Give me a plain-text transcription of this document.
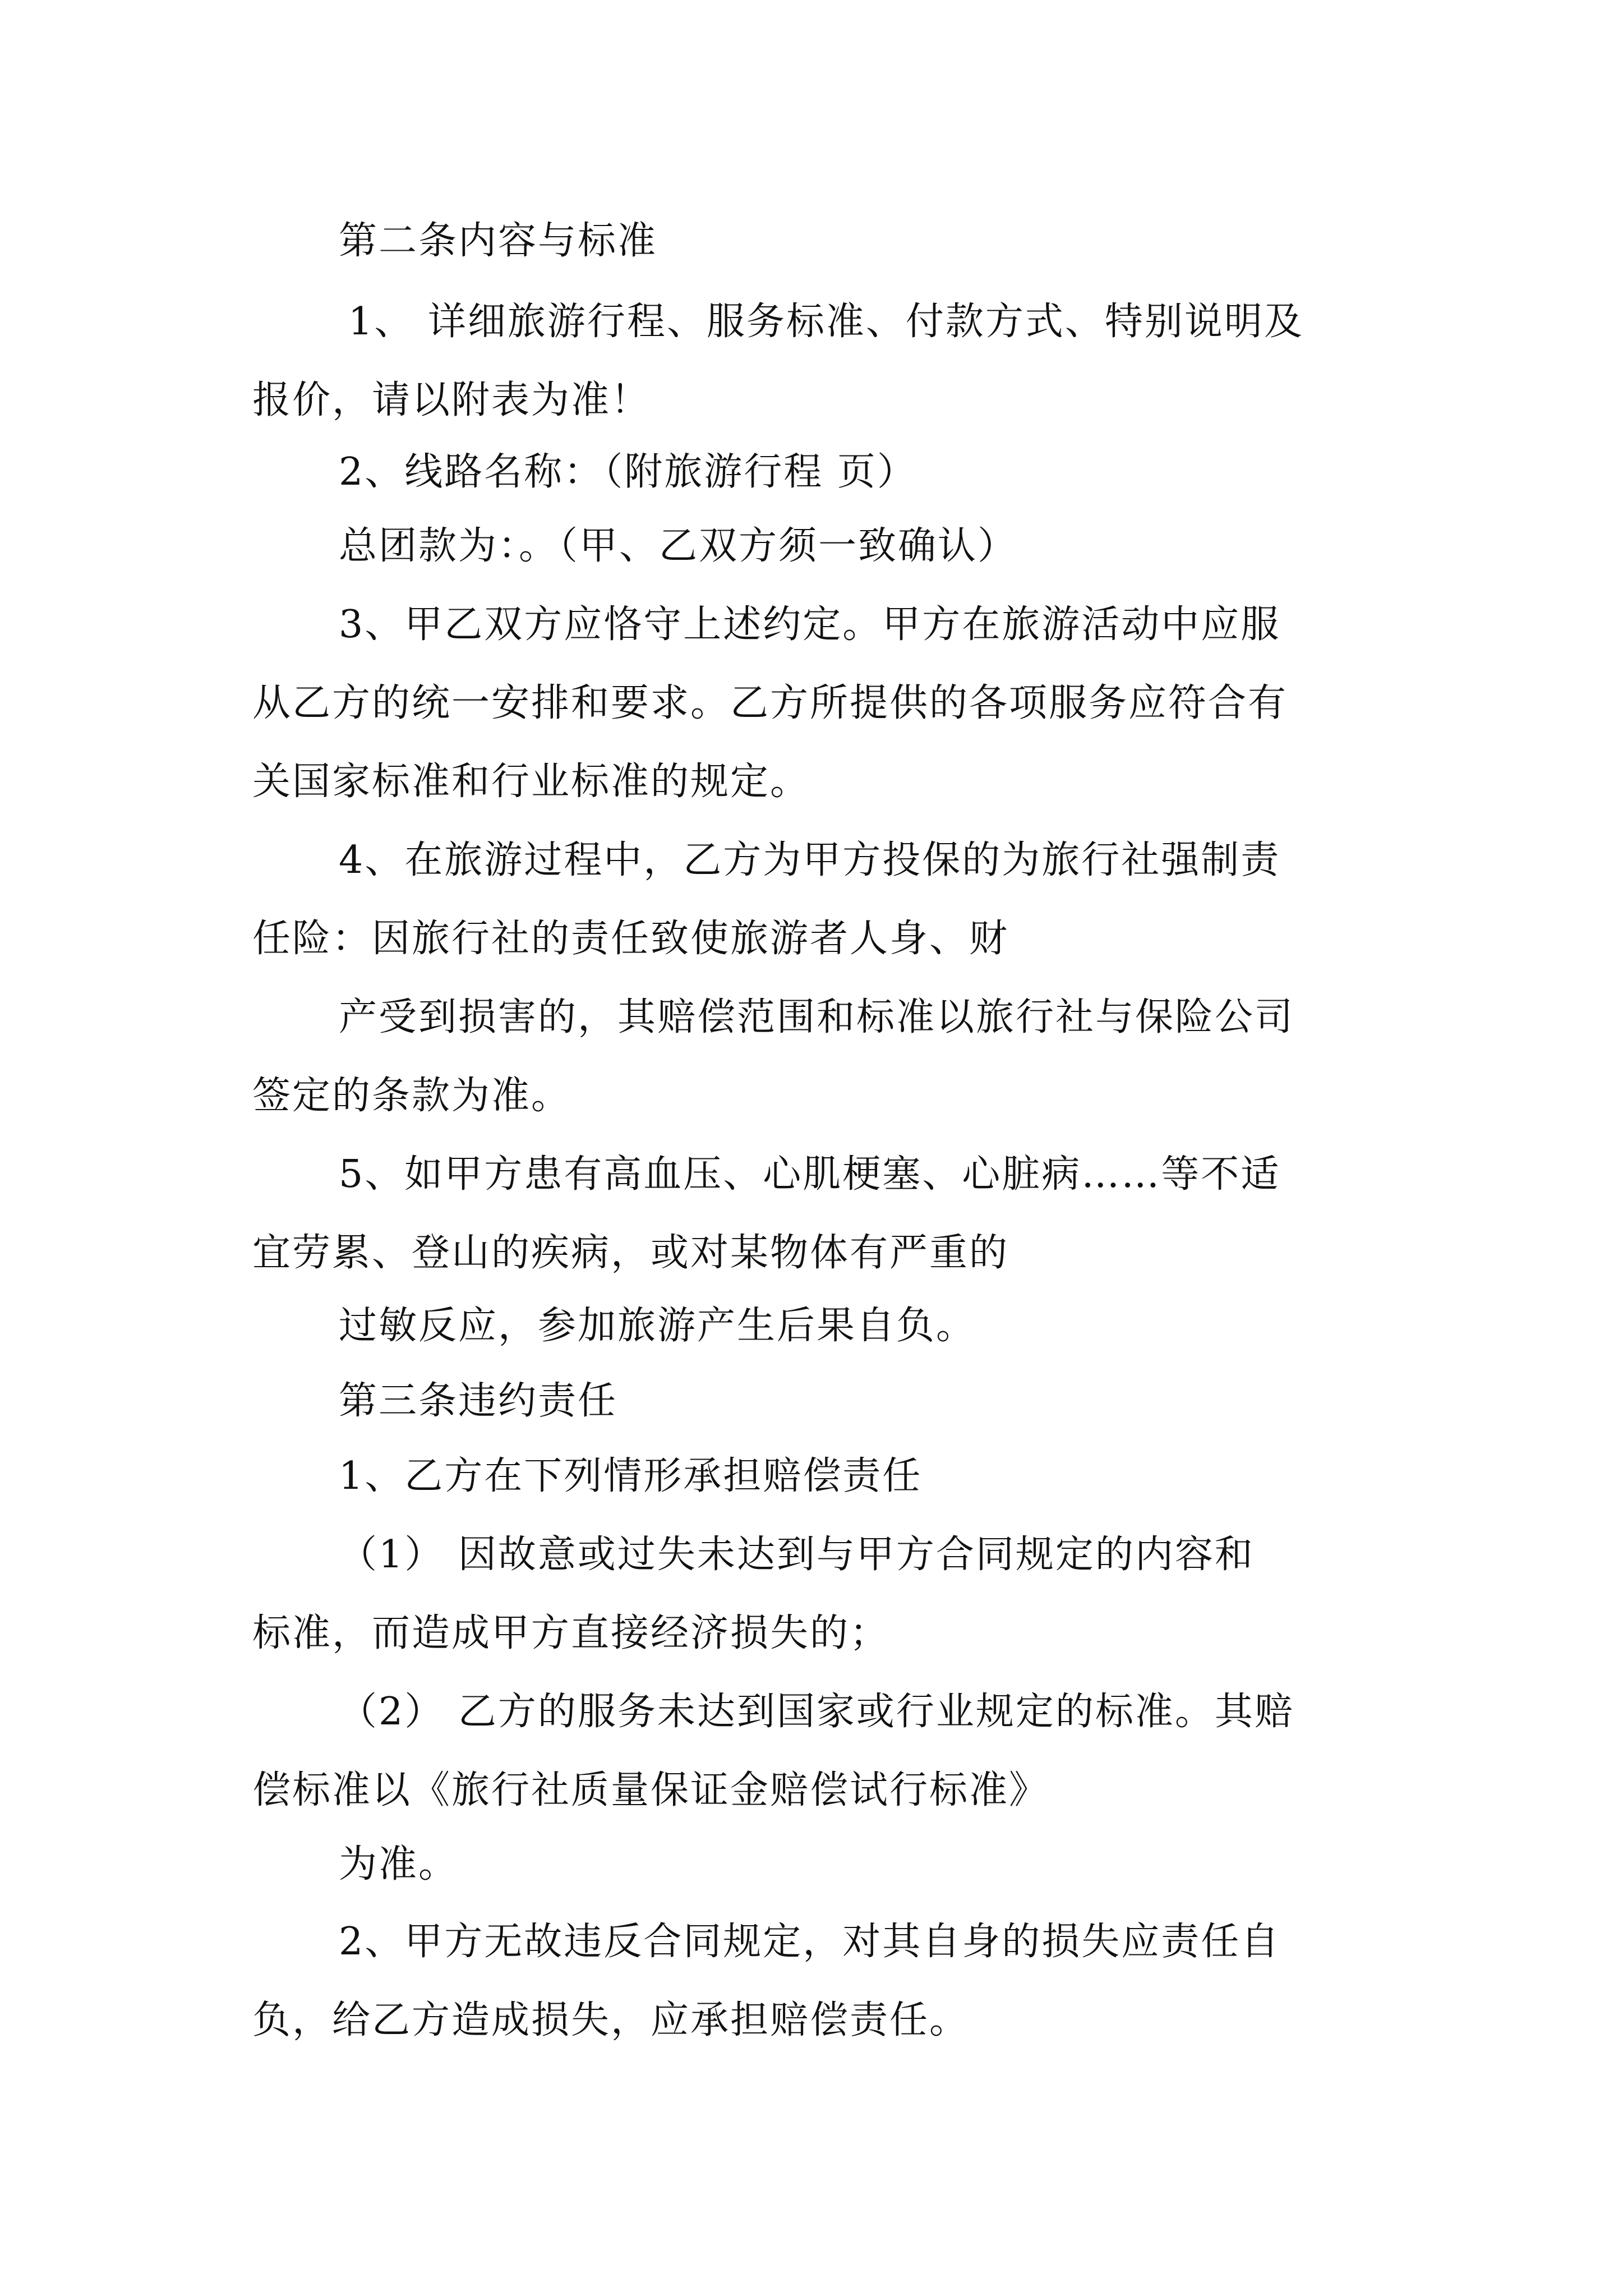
第二条内容与标准
1、 详细旅游行程、服务标准、付款方式、特别说明及
报价，请以附表为准！
2、线路名称：（附旅游行程 页）
总团款为：。（甲、乙双方须一致确认）
3、甲乙双方应恪守上述约定。甲方在旅游活动中应服
从乙方的统一安排和要求。乙方所提供的各项服务应符合有
关国家标准和行业标准的规定。
4、在旅游过程中，乙方为甲方投保的为旅行社强制责
任险：因旅行社的责任致使旅游者人身、财
产受到损害的，其赔偿范围和标准以旅行社与保险公司
签定的条款为准。
5、如甲方患有高血压、心肌梗塞、心脏病……等不适
宜劳累、登山的疾病，或对某物体有严重的
过敏反应，参加旅游产生后果自负。
第三条违约责任
1、乙方在下列情形承担赔偿责任
（1） 因故意或过失未达到与甲方合同规定的内容和
标准，而造成甲方直接经济损失的；
（2） 乙方的服务未达到国家或行业规定的标准。其赔
偿标准以《旅行社质量保证金赔偿试行标准》
为准。
2、甲方无故违反合同规定，对其自身的损失应责任自
负，给乙方造成损失，应承担赔偿责任。
